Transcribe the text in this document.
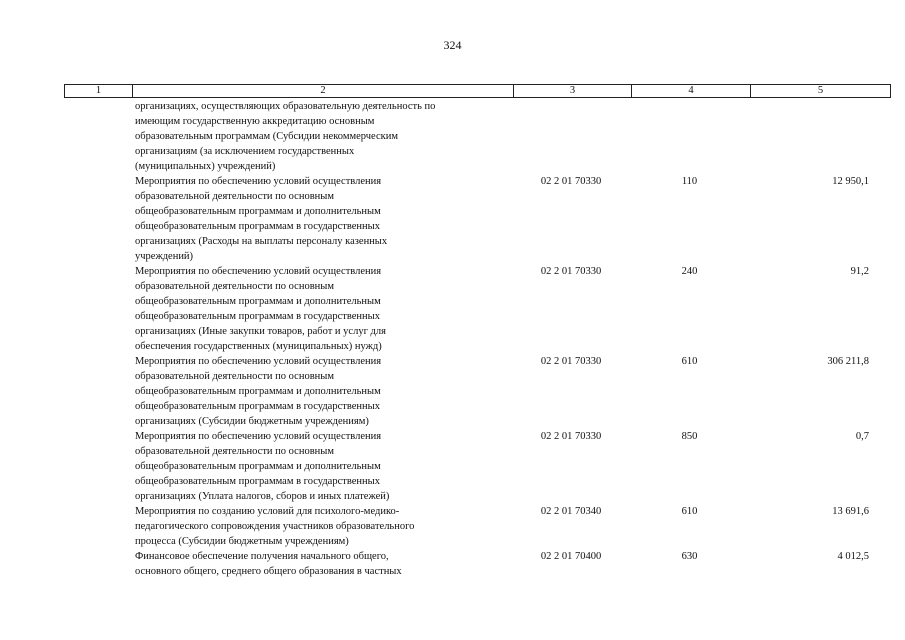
324
1	2	3	4	5
организациях, осуществляющих образовательную деятельность по
имеющим государственную аккредитацию основным
образовательным программам (Субсидии некоммерческим
организациям (за исключением государственных
(муниципальных) учреждений)
Мероприятия по обеспечению условий осуществления
образовательной деятельности по основным
общеобразовательным программам и дополнительным
общеобразовательным программам в государственных
организациях (Расходы на выплаты персоналу казенных
учреждений)
02 2 01 70330	110	12 950,1
Мероприятия по обеспечению условий осуществления
образовательной деятельности по основным
общеобразовательным программам и дополнительным
общеобразовательным программам в государственных
организациях (Иные закупки товаров, работ и услуг для
обеспечения государственных (муниципальных) нужд)
02 2 01 70330	240	91,2
Мероприятия по обеспечению условий осуществления
образовательной деятельности по основным
общеобразовательным программам и дополнительным
общеобразовательным программам в государственных
организациях (Субсидии бюджетным учреждениям)
02 2 01 70330	610	306 211,8
Мероприятия по обеспечению условий осуществления
образовательной деятельности по основным
общеобразовательным программам и дополнительным
общеобразовательным программам в государственных
организациях (Уплата налогов, сборов и иных платежей)
02 2 01 70330	850	0,7
Мероприятия по созданию условий для психолого-медико-
педагогического сопровождения участников образовательного
процесса (Субсидии бюджетным учреждениям)
02 2 01 70340	610	13 691,6
Финансовое обеспечение получения начального общего,
основного общего, среднего общего образования в частных
02 2 01 70400	630	4 012,5
